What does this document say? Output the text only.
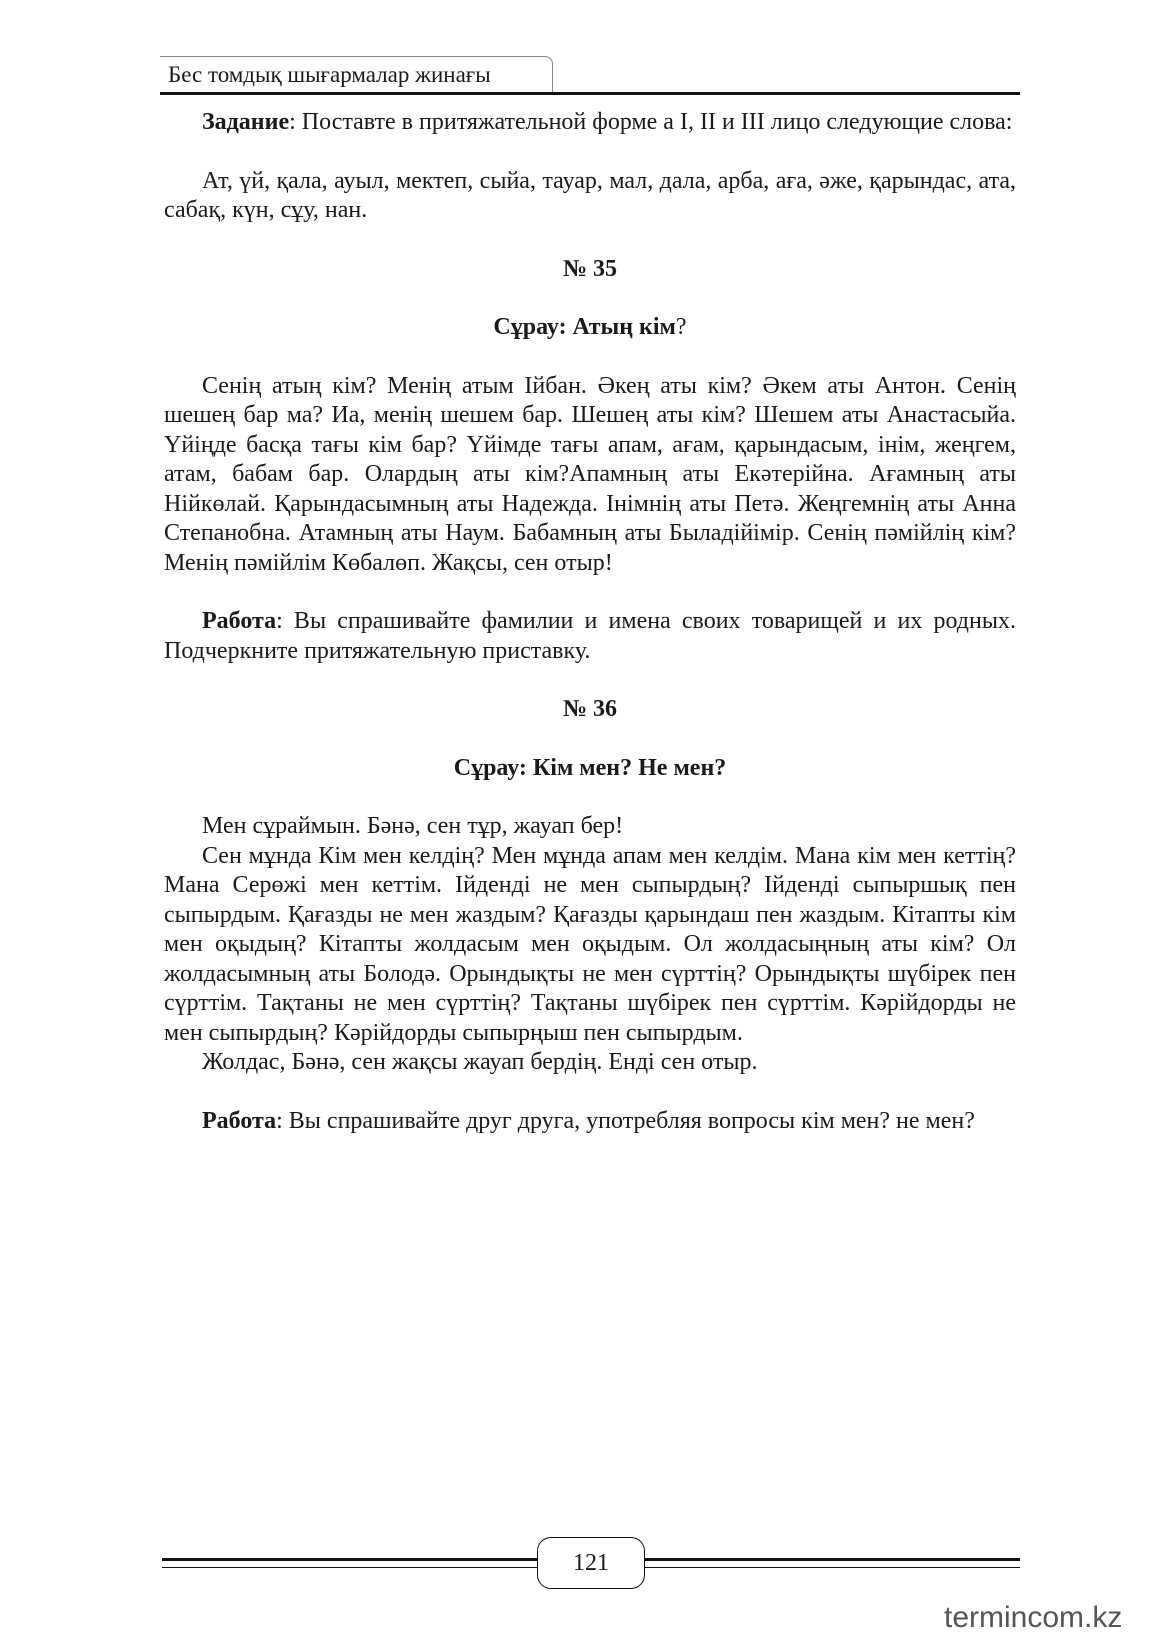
Бес томдық шығармалар жинағы

Задание: Поставте в притяжательной форме а I, II и III лицо следующие слова:

Ат, үй, қала, ауыл, мектеп, сыйа, тауар, мал, дала, арба, аға, әже, қарындас, ата, сабақ, күн, сұу, нан.

№ 35

Сұрау: Атың кім?

Сенің атың кім? Менің атым Ійбан. Әкең аты кім? Әкем аты Антон. Сенің шешең бар ма? Иа, менің шешем бар. Шешең аты кім? Шешем аты Анастасыйа. Үйіңде басқа тағы кім бар? Үйімде тағы апам, ағам, қарындасым, інім, жеңгем, атам, бабам бар. Олардың аты кім?Апамның аты Екәтерійна. Ағамның аты Нійкөлай. Қарындасымның аты Надежда. Інімнің аты Петә. Жеңгемнің аты Анна Степанобна. Атамның аты Наум. Бабамның аты Быладійімір. Сенің пәмійлің кім? Менің пәмійлім Көбалөп. Жақсы, сен отыр!

Работа: Вы спрашивайте фамилии и имена своих товарищей и их родных. Подчеркните притяжательную приставку.

№ 36

Сұрау: Кім мен? Не мен?

Мен сұраймын. Бәнә, сен тұр, жауап бер!

Сен мұнда Кім мен келдің? Мен мұнда апам мен келдім. Мана кім мен кеттің? Мана Серөжі мен кеттім. Ійденді не мен сыпырдың? Ійденді сыпыршық пен сыпырдым. Қағазды не мен жаздым? Қағазды қарындаш пен жаздым. Кітапты кім мен оқыдың? Кітапты жолдасым мен оқыдым. Ол жолдасыңның аты кім? Ол жолдасымның аты Болодә. Орындықты не мен сүрттің? Орындықты шүбірек пен сүрттім. Тақтаны не мен сүрттің? Тақтаны шүбірек пен сүрттім. Кәрійдорды не мен сыпырдың? Кәрійдорды сыпырңыш пен сыпырдым.

Жолдас, Бәнә, сен жақсы жауап бердің. Енді сен отыр.

Работа: Вы спрашивайте друг друга, употребляя вопросы кім мен? не мен?

121
termincom.kz
